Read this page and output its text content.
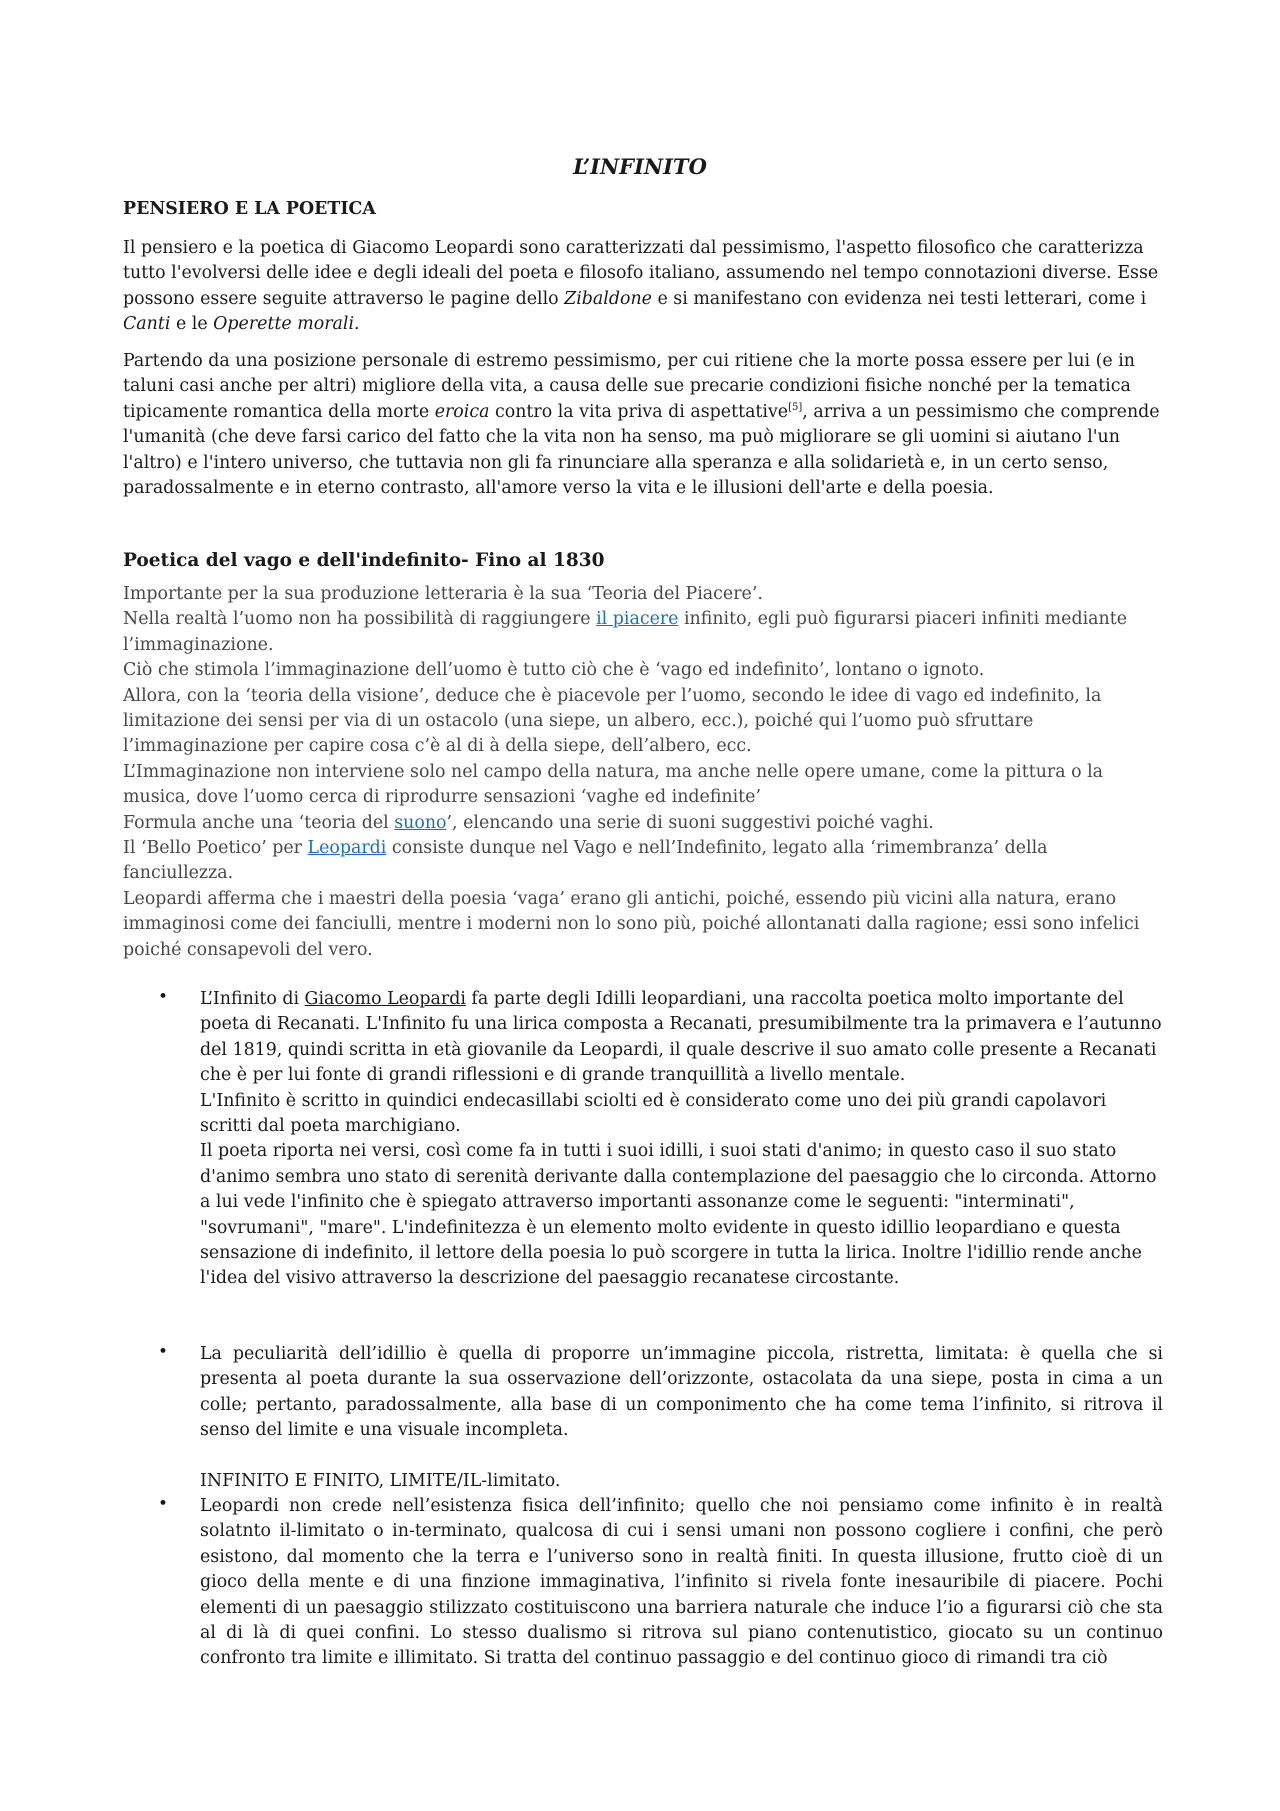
L’INFINITO
PENSIERO E LA POETICA
Il pensiero e la poetica di Giacomo Leopardi sono caratterizzati dal pessimismo, l'aspetto filosofico che caratterizza tutto l'evolversi delle idee e degli ideali del poeta e filosofo italiano, assumendo nel tempo connotazioni diverse. Esse possono essere seguite attraverso le pagine dello Zibaldone e si manifestano con evidenza nei testi letterari, come i Canti e le Operette morali.
Partendo da una posizione personale di estremo pessimismo, per cui ritiene che la morte possa essere per lui (e in taluni casi anche per altri) migliore della vita, a causa delle sue precarie condizioni fisiche nonché per la tematica tipicamente romantica della morte eroica contro la vita priva di aspettative[5], arriva a un pessimismo che comprende l'umanità (che deve farsi carico del fatto che la vita non ha senso, ma può migliorare se gli uomini si aiutano l'un l'altro) e l'intero universo, che tuttavia non gli fa rinunciare alla speranza e alla solidarietà e, in un certo senso, paradossalmente e in eterno contrasto, all'amore verso la vita e le illusioni dell'arte e della poesia.
Poetica del vago e dell'indefinito- Fino al 1830

Importante per la sua produzione letteraria è la sua ‘Teoria del Piacere’.

Nella realtà l’uomo non ha possibilità di raggiungere il piacere infinito, egli può figurarsi piaceri infiniti mediante l’immaginazione.

Ciò che stimola l’immaginazione dell’uomo è tutto ciò che è ‘vago ed indefinito’, lontano o ignoto.

Allora, con la ‘teoria della visione’, deduce che è piacevole per l’uomo, secondo le idee di vago ed indefinito, la limitazione dei sensi per via di un ostacolo (una siepe, un albero, ecc.), poiché qui l’uomo può sfruttare l’immaginazione per capire cosa c’è al di à della siepe, dell’albero, ecc.

L’Immaginazione non interviene solo nel campo della natura, ma anche nelle opere umane, come la pittura o la musica, dove l’uomo cerca di riprodurre sensazioni ‘vaghe ed indefinite’

Formula anche una ‘teoria del suono’, elencando una serie di suoni suggestivi poiché vaghi.

Il ‘Bello Poetico’ per Leopardi consiste dunque nel Vago e nell’Indefinito, legato alla ‘rimembranza’ della fanciullezza.

Leopardi afferma che i maestri della poesia ‘vaga’ erano gli antichi, poiché, essendo più vicini alla natura, erano immaginosi come dei fanciulli, mentre i moderni non lo sono più, poiché allontanati dalla ragione; essi sono infelici poiché consapevoli del vero.

• L’Infinito di Giacomo Leopardi fa parte degli Idilli leopardiani, una raccolta poetica molto importante del poeta di Recanati. L'Infinito fu una lirica composta a Recanati, presumibilmente tra la primavera e l’autunno del 1819, quindi scritta in età giovanile da Leopardi, il quale descrive il suo amato colle presente a Recanati che è per lui fonte di grandi riflessioni e di grande tranquillità a livello mentale.

L'Infinito è scritto in quindici endecasillabi sciolti ed è considerato come uno dei più grandi capolavori scritti dal poeta marchigiano.

Il poeta riporta nei versi, così come fa in tutti i suoi idilli, i suoi stati d'animo; in questo caso il suo stato d'animo sembra uno stato di serenità derivante dalla contemplazione del paesaggio che lo circonda. Attorno a lui vede l'infinito che è spiegato attraverso importanti assonanze come le seguenti: "interminati", "sovrumani", "mare". L'indefinitezza è un elemento molto evidente in questo idillio leopardiano e questa sensazione di indefinito, il lettore della poesia lo può scorgere in tutta la lirica. Inoltre l'idillio rende anche l'idea del visivo attraverso la descrizione del paesaggio recanatese circostante.

• La peculiarità dell’idillio è quella di proporre un’immagine piccola, ristretta, limitata: è quella che si presenta al poeta durante la sua osservazione dell’orizzonte, ostacolata da una siepe, posta in cima a un colle; pertanto, paradossalmente, alla base di un componimento che ha come tema l’infinito, si ritrova il senso del limite e una visuale incompleta.
INFINITO E FINITO, LIMITE/IL-limitato.
• Leopardi non crede nell’esistenza fisica dell’infinito; quello che noi pensiamo come infinito è in realtà solatnto il-limitato o in-terminato, qualcosa di cui i sensi umani non possono cogliere i confini, che però esistono, dal momento che la terra e l’universo sono in realtà finiti. In questa illusione, frutto cioè di un gioco della mente e di una finzione immaginativa, l’infinito si rivela fonte inesauribile di piacere. Pochi elementi di un paesaggio stilizzato costituiscono una barriera naturale che induce l’io a figurarsi ciò che sta al di là di quei confini. Lo stesso dualismo si ritrova sul piano contenutistico, giocato su un continuo confronto tra limite e illimitato. Si tratta del continuo passaggio e del continuo gioco di rimandi tra ciò
